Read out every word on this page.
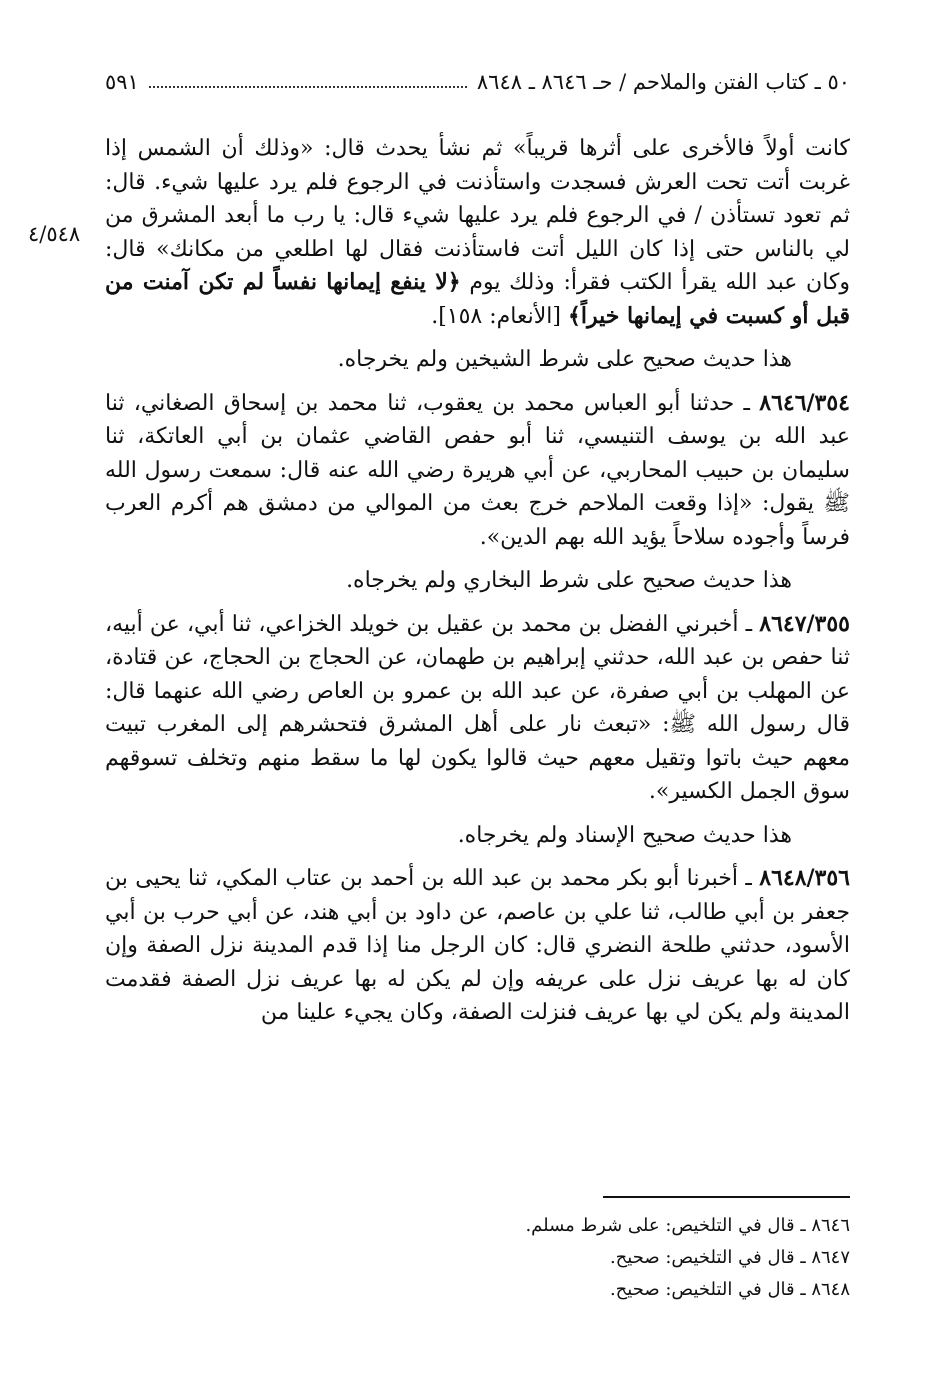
٥٩١	٥٠ ـ كتاب الفتن والملاحم / حـ ٨٦٤٦ ـ ٨٦٤٨
٤/٥٤٨

كانت أولاً فالأخرى على أثرها قريباً» ثم نشأ يحدث قال: «وذلك أن الشمس إذا غربت أتت تحت العرش فسجدت واستأذنت في الرجوع فلم يرد عليها شيء. قال: ثم تعود تستأذن / في الرجوع فلم يرد عليها شيء قال: يا رب ما أبعد المشرق من لي بالناس حتى إذا كان الليل أتت فاستأذنت فقال لها اطلعي من مكانك» قال: وكان عبد الله يقرأ الكتب فقرأ: وذلك يوم ﴿لا ينفع إيمانها نفساً لم تكن آمنت من قبل أو كسبت في إيمانها خيراً﴾ [الأنعام: ١٥٨].

هذا حديث صحيح على شرط الشيخين ولم يخرجاه.

٨٦٤٦/٣٥٤ ـ حدثنا أبو العباس محمد بن يعقوب، ثنا محمد بن إسحاق الصغاني، ثنا عبد الله بن يوسف التنيسي، ثنا أبو حفص القاضي عثمان بن أبي العاتكة، ثنا سليمان بن حبيب المحاربي، عن أبي هريرة رضي الله عنه قال: سمعت رسول الله ﷺ يقول: «إذا وقعت الملاحم خرج بعث من الموالي من دمشق هم أكرم العرب فرساً وأجوده سلاحاً يؤيد الله بهم الدين».

هذا حديث صحيح على شرط البخاري ولم يخرجاه.

٨٦٤٧/٣٥٥ ـ أخبرني الفضل بن محمد بن عقيل بن خويلد الخزاعي، ثنا أبي، عن أبيه، ثنا حفص بن عبد الله، حدثني إبراهيم بن طهمان، عن الحجاج بن الحجاج، عن قتادة، عن المهلب بن أبي صفرة، عن عبد الله بن عمرو بن العاص رضي الله عنهما قال: قال رسول الله ﷺ: «تبعث نار على أهل المشرق فتحشرهم إلى المغرب تبيت معهم حيث باتوا وتقيل معهم حيث قالوا يكون لها ما سقط منهم وتخلف تسوقهم سوق الجمل الكسير».

هذا حديث صحيح الإسناد ولم يخرجاه.

٨٦٤٨/٣٥٦ ـ أخبرنا أبو بكر محمد بن عبد الله بن أحمد بن عتاب المكي، ثنا يحيى بن جعفر بن أبي طالب، ثنا علي بن عاصم، عن داود بن أبي هند، عن أبي حرب بن أبي الأسود، حدثني طلحة النضري قال: كان الرجل منا إذا قدم المدينة نزل الصفة وإن كان له بها عريف نزل على عريفه وإن لم يكن له بها عريف نزل الصفة فقدمت المدينة ولم يكن لي بها عريف فنزلت الصفة، وكان يجيء علينا من

٨٦٤٦ ـ قال في التلخيص: على شرط مسلم.

٨٦٤٧ ـ قال في التلخيص: صحيح.

٨٦٤٨ ـ قال في التلخيص: صحيح.
